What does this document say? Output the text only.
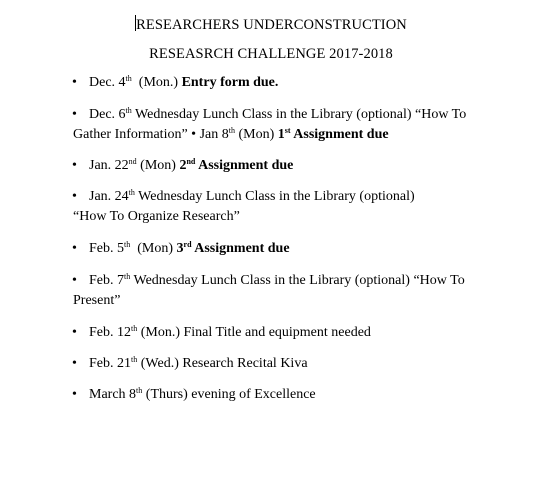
RESEARCHERS UNDERCONSTRUCTION
RESEASRCH CHALLENGE 2017-2018
• Dec. 4th  (Mon.) Entry form due.
• Dec. 6th Wednesday Lunch Class in the Library (optional) “How To Gather Information” • Jan 8th (Mon) 1st Assignment due
• Jan. 22nd (Mon) 2nd Assignment due
• Jan. 24th Wednesday Lunch Class in the Library (optional)
“How To Organize Research”
• Feb. 5th  (Mon) 3rd Assignment due
• Feb. 7th Wednesday Lunch Class in the Library (optional) “How To Present”
• Feb. 12th (Mon.) Final Title and equipment needed
• Feb. 21th (Wed.) Research Recital Kiva
• March 8th (Thurs) evening of Excellence
